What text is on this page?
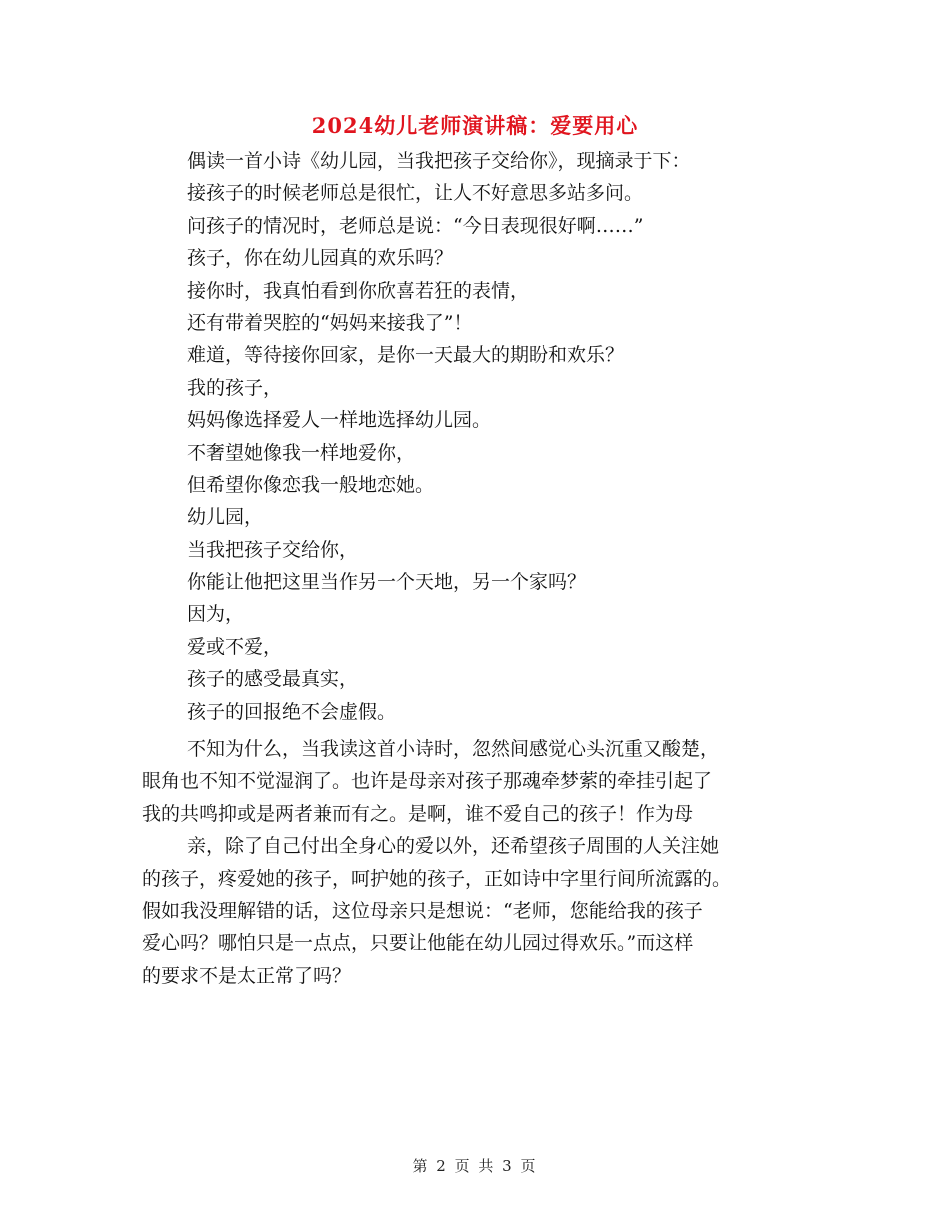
2024幼儿老师演讲稿：爱要用心
偶读一首小诗《幼儿园，当我把孩子交给你》，现摘录于下：
接孩子的时候老师总是很忙，让人不好意思多站多问。
问孩子的情况时，老师总是说：“今日表现很好啊……”
孩子，你在幼儿园真的欢乐吗？
接你时，我真怕看到你欣喜若狂的表情，
还有带着哭腔的“妈妈来接我了”！
难道，等待接你回家，是你一天最大的期盼和欢乐？
我的孩子，
妈妈像选择爱人一样地选择幼儿园。
不奢望她像我一样地爱你，
但希望你像恋我一般地恋她。
幼儿园，
当我把孩子交给你，
你能让他把这里当作另一个天地，另一个家吗？
因为，
爱或不爱，
孩子的感受最真实，
孩子的回报绝不会虚假。
不知为什么，当我读这首小诗时，忽然间感觉心头沉重又酸楚，
眼角也不知不觉湿润了。也许是母亲对孩子那魂牵梦萦的牵挂引起了
我的共鸣抑或是两者兼而有之。是啊，谁不爱自己的孩子！作为母
亲，除了自己付出全身心的爱以外，还希望孩子周围的人关注她
的孩子，疼爱她的孩子，呵护她的孩子，正如诗中字里行间所流露的。
假如我没理解错的话，这位母亲只是想说：“老师，您能给我的孩子
爱心吗？哪怕只是一点点，只要让他能在幼儿园过得欢乐。”而这样
的要求不是太正常了吗？
第 2 页 共 3 页
